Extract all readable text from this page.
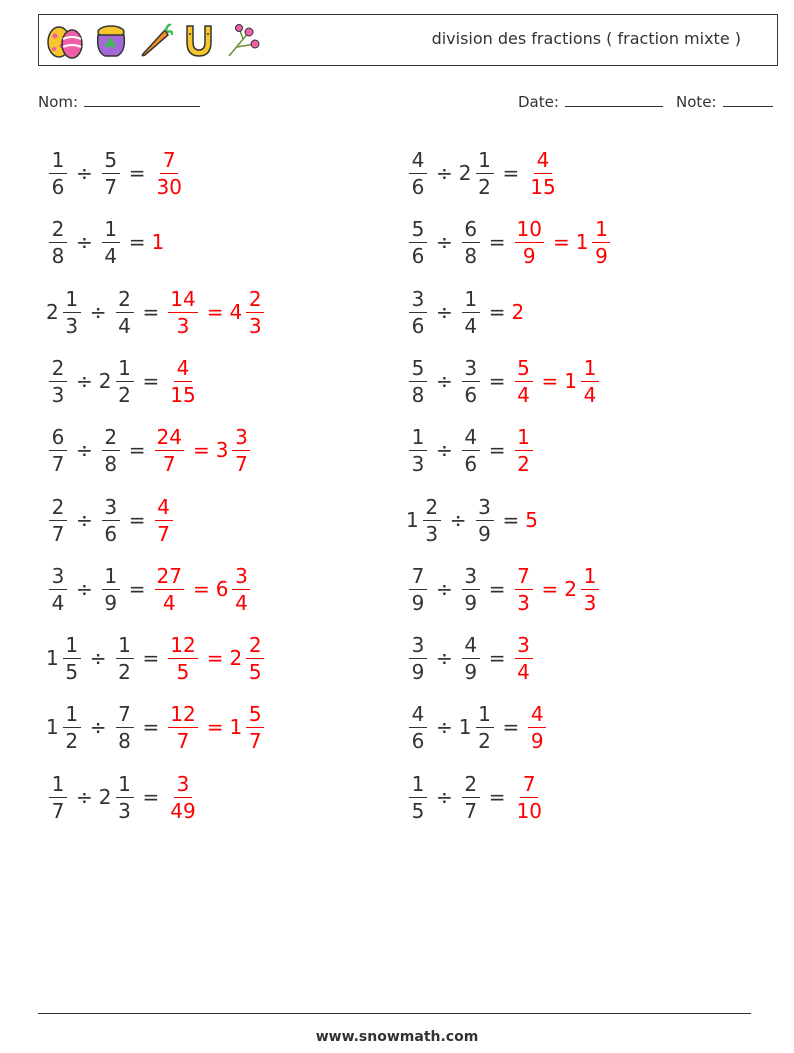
division des fractions ( fraction mixte )
Nom:	Date:	Note:
$\frac{1}{6} \div \frac{5}{7} = \frac{7}{30}$	$\frac{4}{6} \div 2 \frac{1}{2} = \frac{4}{15}$
$\frac{2}{8} \div \frac{1}{4} = 1$	$\frac{5}{6} \div \frac{6}{8} = \frac{10}{9} = 1 \frac{1}{9}$
$2 \frac{1}{3} \div \frac{2}{4} = \frac{14}{3} = 4 \frac{2}{3}$	$\frac{3}{6} \div \frac{1}{4} = 2$
$\frac{2}{3} \div 2 \frac{1}{2} = \frac{4}{15}$	$\frac{5}{8} \div \frac{3}{6} = \frac{5}{4} = 1 \frac{1}{4}$
$\frac{6}{7} \div \frac{2}{8} = \frac{24}{7} = 3 \frac{3}{7}$	$\frac{1}{3} \div \frac{4}{6} = \frac{1}{2}$
$\frac{2}{7} \div \frac{3}{6} = \frac{4}{7}$	$1 \frac{2}{3} \div \frac{3}{9} = 5$
$\frac{3}{4} \div \frac{1}{9} = \frac{27}{4} = 6 \frac{3}{4}$	$\frac{7}{9} \div \frac{3}{9} = \frac{7}{3} = 2 \frac{1}{3}$
$1 \frac{1}{5} \div \frac{1}{2} = \frac{12}{5} = 2 \frac{2}{5}$	$\frac{3}{9} \div \frac{4}{9} = \frac{3}{4}$
$1 \frac{1}{2} \div \frac{7}{8} = \frac{12}{7} = 1 \frac{5}{7}$	$\frac{4}{6} \div 1 \frac{1}{2} = \frac{4}{9}$
$\frac{1}{7} \div 2 \frac{1}{3} = \frac{3}{49}$	$\frac{1}{5} \div \frac{2}{7} = \frac{7}{10}$
www.snowmath.com
